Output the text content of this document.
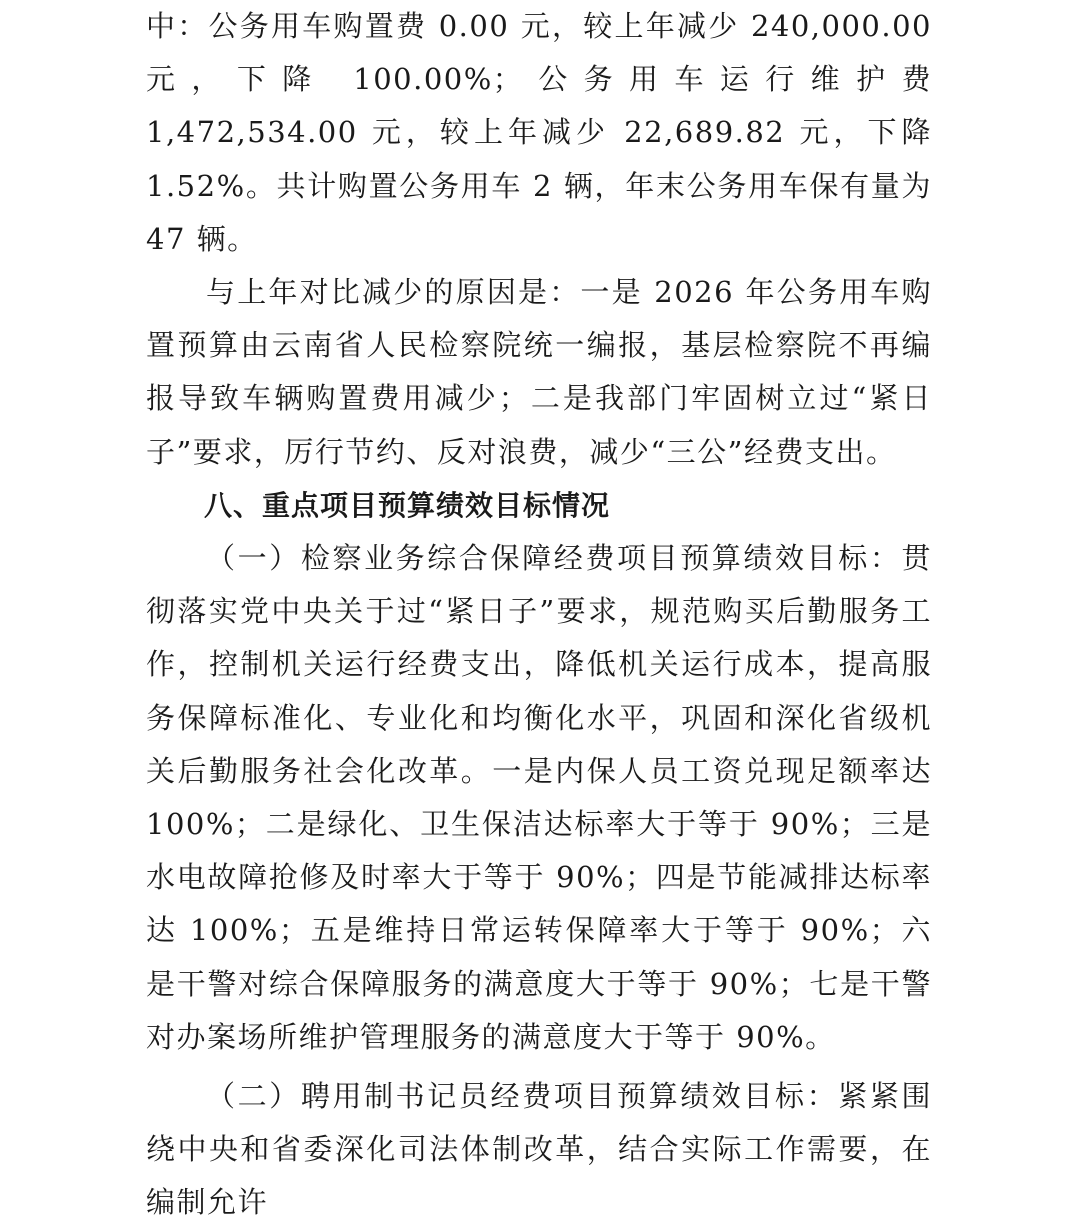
中：公务用车购置费 0.00 元，较上年减少 240,000.00 元，下降 100.00%；公务用车运行维护费 1,472,534.00 元，较上年减少 22,689.82 元，下降 1.52%。共计购置公务用车 2 辆，年末公务用车保有量为 47 辆。

与上年对比减少的原因是：一是 2026 年公务用车购置预算由云南省人民检察院统一编报，基层检察院不再编报导致车辆购置费用减少；二是我部门牢固树立过“紧日子”要求，厉行节约、反对浪费，减少“三公”经费支出。

八、重点项目预算绩效目标情况

（一）检察业务综合保障经费项目预算绩效目标：贯彻落实党中央关于过“紧日子”要求，规范购买后勤服务工作，控制机关运行经费支出，降低机关运行成本，提高服务保障标准化、专业化和均衡化水平，巩固和深化省级机关后勤服务社会化改革。一是内保人员工资兑现足额率达 100%；二是绿化、卫生保洁达标率大于等于 90%；三是水电故障抢修及时率大于等于 90%；四是节能减排达标率达 100%；五是维持日常运转保障率大于等于 90%；六是干警对综合保障服务的满意度大于等于 90%；七是干警对办案场所维护管理服务的满意度大于等于 90%。

（二）聘用制书记员经费项目预算绩效目标：紧紧围绕中央和省委深化司法体制改革，结合实际工作需要，在编制允许
